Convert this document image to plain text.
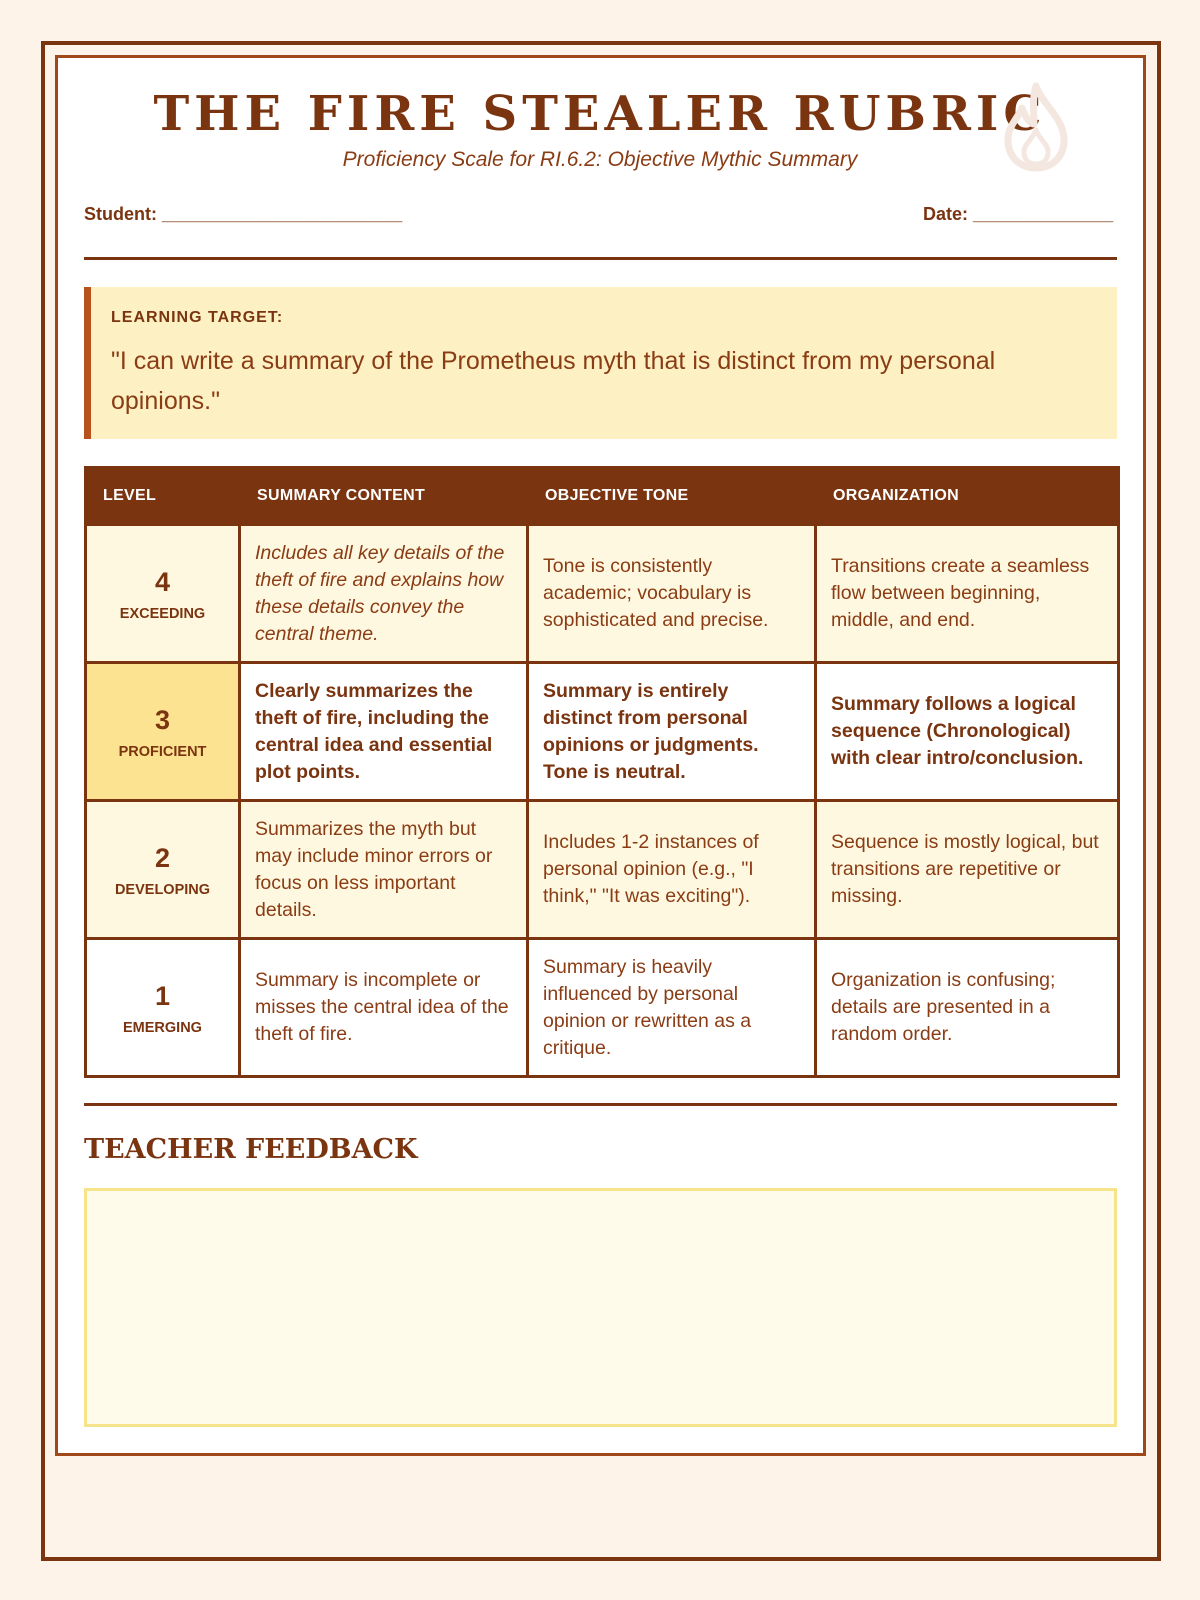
THE FIRE STEALER RUBRIC
Proficiency Scale for RI.6.2: Objective Mythic Summary
Student: ________________________	Date: ______________
LEARNING TARGET:
"I can write a summary of the Prometheus myth that is distinct from my personal opinions."
LEVEL	SUMMARY CONTENT	OBJECTIVE TONE	ORGANIZATION

4
EXCEEDING	Includes all key details of the theft of fire and explains how these details convey the central theme.	Tone is consistently academic; vocabulary is sophisticated and precise.	Transitions create a seamless flow between beginning, middle, and end.

3
PROFICIENT	Clearly summarizes the theft of fire, including the central idea and essential plot points.	Summary is entirely distinct from personal opinions or judgments. Tone is neutral.	Summary follows a logical sequence (Chronological) with clear intro/conclusion.

2
DEVELOPING	Summarizes the myth but may include minor errors or focus on less important details.	Includes 1-2 instances of personal opinion (e.g., "I think," "It was exciting").	Sequence is mostly logical, but transitions are repetitive or missing.

1
EMERGING	Summary is incomplete or misses the central idea of the theft of fire.	Summary is heavily influenced by personal opinion or rewritten as a critique.	Organization is confusing; details are presented in a random order.
TEACHER FEEDBACK
